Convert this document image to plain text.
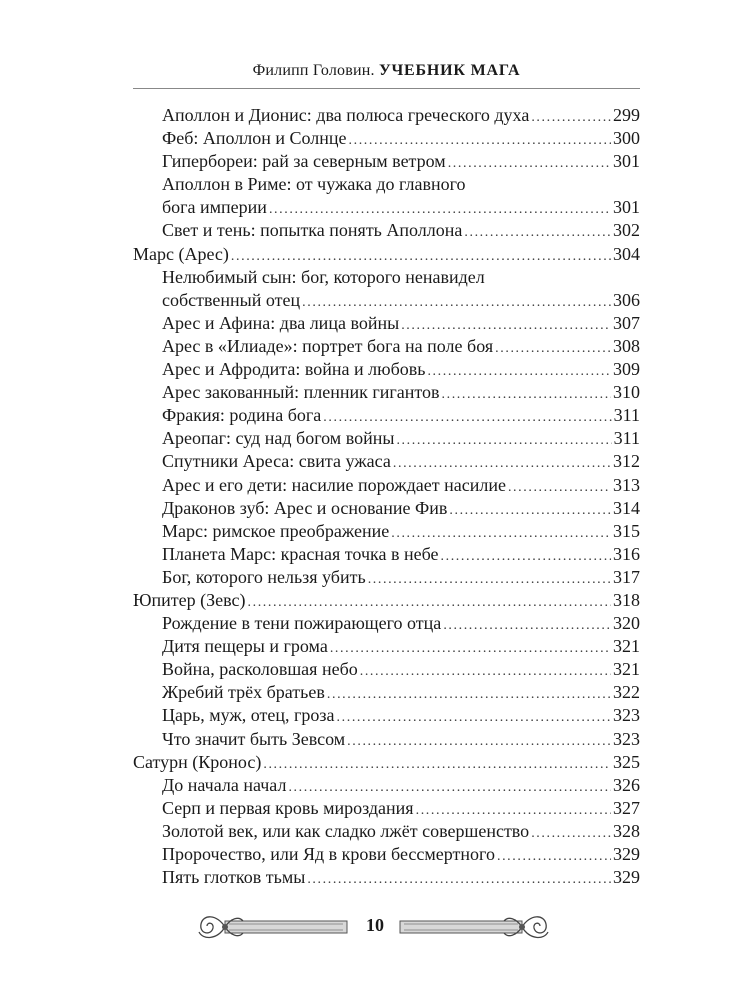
Филипп Головин. УЧЕБНИК МАГА
Аполлон и Дионис: два полюса греческого духа .....	299
Феб: Аполлон и Солнце .....	300
Гипербореи: рай за северным ветром .....	301
Аполлон в Риме: от чужака до главного
бога империи .....	301
Свет и тень: попытка понять Аполлона .....	302
Марс (Арес) .....	304
Нелюбимый сын: бог, которого ненавидел
собственный отец .....	306
Арес и Афина: два лица войны .....	307
Арес в «Илиаде»: портрет бога на поле боя .....	308
Арес и Афродита: война и любовь .....	309
Арес закованный: пленник гигантов .....	310
Фракия: родина бога .....	311
Ареопаг: суд над богом войны .....	311
Спутники Ареса: свита ужаса .....	312
Арес и его дети: насилие порождает насилие .....	313
Драконов зуб: Арес и основание Фив .....	314
Марс: римское преображение .....	315
Планета Марс: красная точка в небе .....	316
Бог, которого нельзя убить .....	317
Юпитер (Зевс) .....	318
Рождение в тени пожирающего отца .....	320
Дитя пещеры и грома .....	321
Война, расколовшая небо .....	321
Жребий трёх братьев .....	322
Царь, муж, отец, гроза .....	323
Что значит быть Зевсом .....	323
Сатурн (Кронос) .....	325
До начала начал .....	326
Серп и первая кровь мироздания .....	327
Золотой век, или как сладко лжёт совершенство .....	328
Пророчество, или Яд в крови бессмертного .....	329
Пять глотков тьмы .....	329
10
